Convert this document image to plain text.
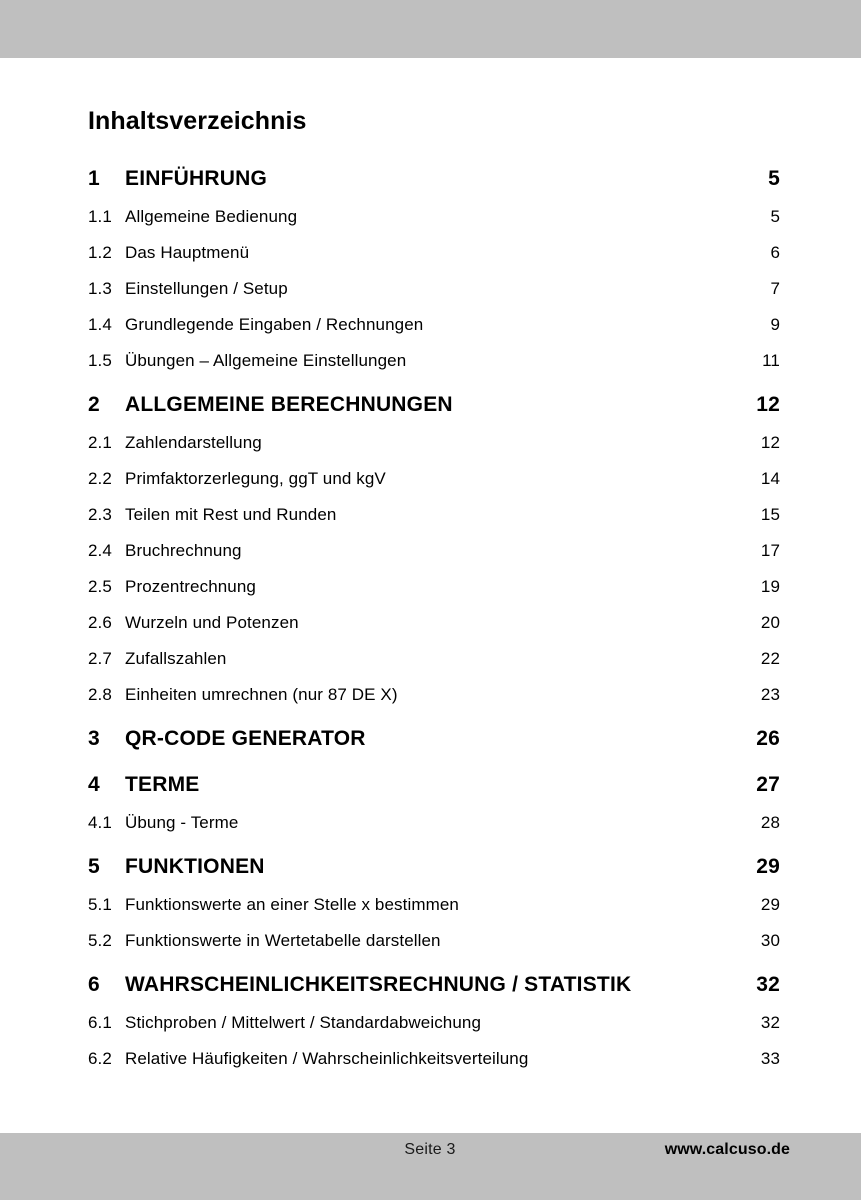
Inhaltsverzeichnis
1 EINFÜHRUNG	5
1.1 Allgemeine Bedienung	5
1.2 Das Hauptmenü	6
1.3 Einstellungen / Setup	7
1.4 Grundlegende Eingaben / Rechnungen	9
1.5 Übungen – Allgemeine Einstellungen	11
2 ALLGEMEINE BERECHNUNGEN	12
2.1 Zahlendarstellung	12
2.2 Primfaktorzerlegung, ggT und kgV	14
2.3 Teilen mit Rest und Runden	15
2.4 Bruchrechnung	17
2.5 Prozentrechnung	19
2.6 Wurzeln und Potenzen	20
2.7 Zufallszahlen	22
2.8 Einheiten umrechnen (nur 87 DE X)	23
3 QR-CODE GENERATOR	26
4 TERME	27
4.1 Übung - Terme	28
5 FUNKTIONEN	29
5.1 Funktionswerte an einer Stelle x bestimmen	29
5.2 Funktionswerte in Wertetabelle darstellen	30
6 WAHRSCHEINLICHKEITSRECHNUNG / STATISTIK	32
6.1 Stichproben / Mittelwert / Standardabweichung	32
6.2 Relative Häufigkeiten / Wahrscheinlichkeitsverteilung	33
Seite 3	www.calcuso.de
